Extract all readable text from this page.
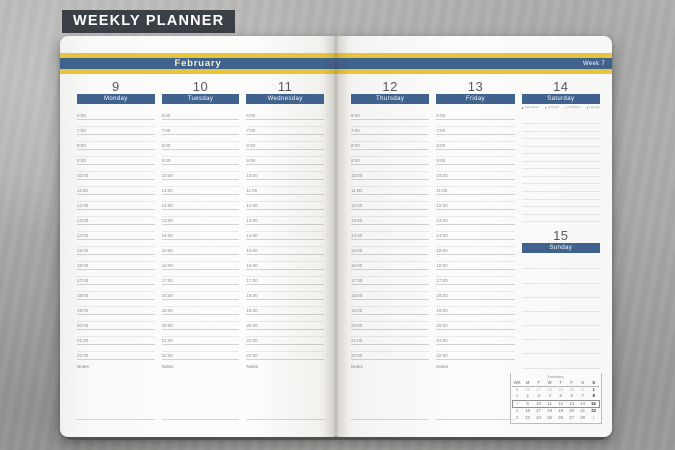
WEEKLY PLANNER
February
9
Monday
6:00
7:00
8:00
9:00
10:00
11:00
12:00
13:00
14:00
15:00
16:00
17:00
18:00
19:00
20:00
21:00
22:00
Notes
10
Tuesday
6:00
7:00
8:00
9:00
10:00
11:00
12:00
13:00
14:00
15:00
16:00
17:00
18:00
19:00
20:00
21:00
22:00
Notes
11
Wednesday
6:00
7:00
8:00
9:00
10:00
11:00
12:00
13:00
14:00
15:00
16:00
17:00
18:00
19:00
20:00
21:00
22:00
Notes
Week 7
12
Thursday
6:00
7:00
8:00
9:00
10:00
11:00
12:00
13:00
14:00
15:00
16:00
17:00
18:00
19:00
20:00
21:00
22:00
Notes
13
Friday
6:00
7:00
8:00
9:00
10:00
11:00
12:00
13:00
14:00
15:00
16:00
17:00
18:00
19:00
20:00
21:00
22:00
Notes
14
Saturday
● New Moon ◐ First Qtr ○ Full Moon ◑ Last Qtr
15
Sunday
February
WK	M	T	W	T	F	S	S
5	26	27	28	29	30	31	1
6	2	3	4	5	6	7	8
7	9	10	11	12	13	14	15
8	16	17	18	19	20	21	22
9	23	24	25	26	27	28	1
